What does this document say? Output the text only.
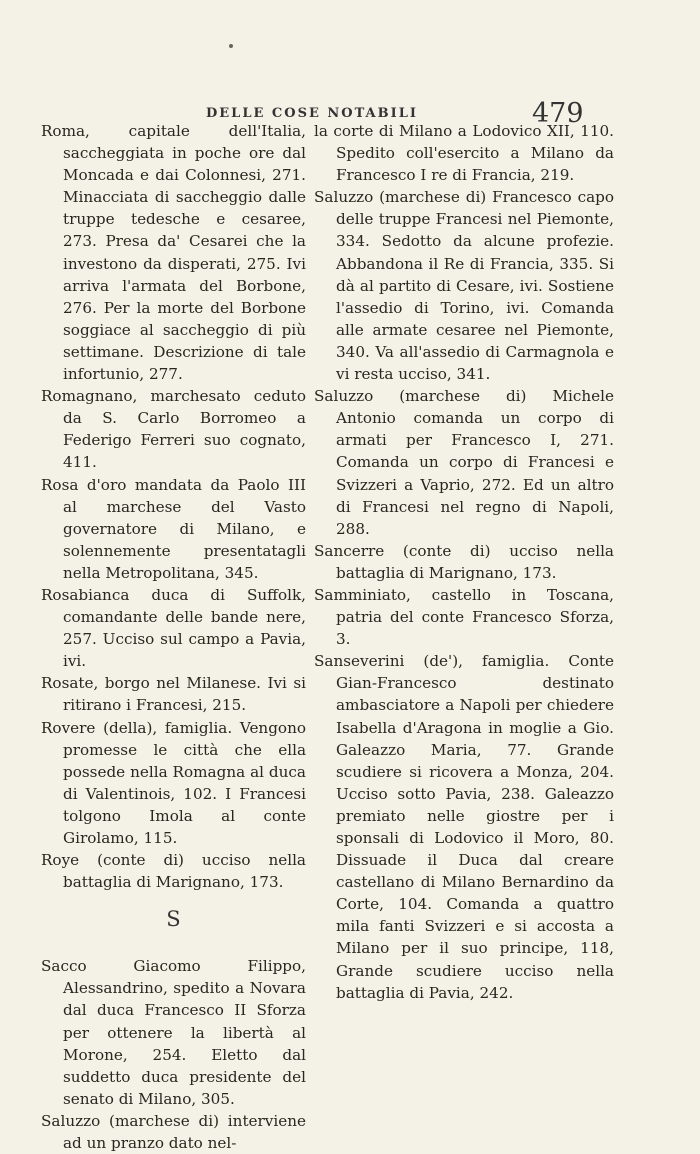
DELLE COSE NOTABILI	479

Roma, capitale dell'Italia, saccheggiata in poche ore dal Moncada e dai Colonnesi, 271. Minacciata di saccheggio dalle truppe tedesche e cesaree, 273. Presa da' Cesarei che la investono da disperati, 275. Ivi arriva l'armata del Borbone, 276. Per la morte del Borbone soggiace al saccheggio di più settimane. Descrizione di tale infortunio, 277.

Romagnano, marchesato ceduto da S. Carlo Borromeo a Federigo Ferreri suo cognato, 411.

Rosa d'oro mandata da Paolo III al marchese del Vasto governatore di Milano, e solennemente presentatagli nella Metropolitana, 345.

Rosabianca duca di Suffolk, comandante delle bande nere, 257. Ucciso sul campo a Pavia, ivi.

Rosate, borgo nel Milanese. Ivi si ritirano i Francesi, 215.

Rovere (della), famiglia. Vengono promesse le città che ella possede nella Romagna al duca di Valentinois, 102. I Francesi tolgono Imola al conte Girolamo, 115.

Roye (conte di) ucciso nella battaglia di Marignano, 173.

S

Sacco Giacomo Filippo, Alessandrino, spedito a Novara dal duca Francesco II Sforza per ottenere la libertà al Morone, 254. Eletto dal suddetto duca presidente del senato di Milano, 305.

Saluzzo (marchese di) interviene ad un pranzo dato nel-

la corte di Milano a Lodovico XII, 110. Spedito coll'esercito a Milano da Francesco I re di Francia, 219.

Saluzzo (marchese di) Francesco capo delle truppe Francesi nel Piemonte, 334. Sedotto da alcune profezie. Abbandona il Re di Francia, 335. Si dà al partito di Cesare, ivi. Sostiene l'assedio di Torino, ivi. Comanda alle armate cesaree nel Piemonte, 340. Va all'assedio di Carmagnola e vi resta ucciso, 341.

Saluzzo (marchese di) Michele Antonio comanda un corpo di armati per Francesco I, 271. Comanda un corpo di Francesi e Svizzeri a Vaprio, 272. Ed un altro di Francesi nel regno di Napoli, 288.

Sancerre (conte di) ucciso nella battaglia di Marignano, 173.

Samminiato, castello in Toscana, patria del conte Francesco Sforza, 3.

Sanseverini (de'), famiglia. Conte Gian-Francesco destinato ambasciatore a Napoli per chiedere Isabella d'Aragona in moglie a Gio. Galeazzo Maria, 77. Grande scudiere si ricovera a Monza, 204. Ucciso sotto Pavia, 238. Galeazzo premiato nelle giostre per i sponsali di Lodovico il Moro, 80. Dissuade il Duca dal creare castellano di Milano Bernardino da Corte, 104. Comanda a quattro mila fanti Svizzeri e si accosta a Milano per il suo principe, 118, Grande scudiere ucciso nella battaglia di Pavia, 242.
